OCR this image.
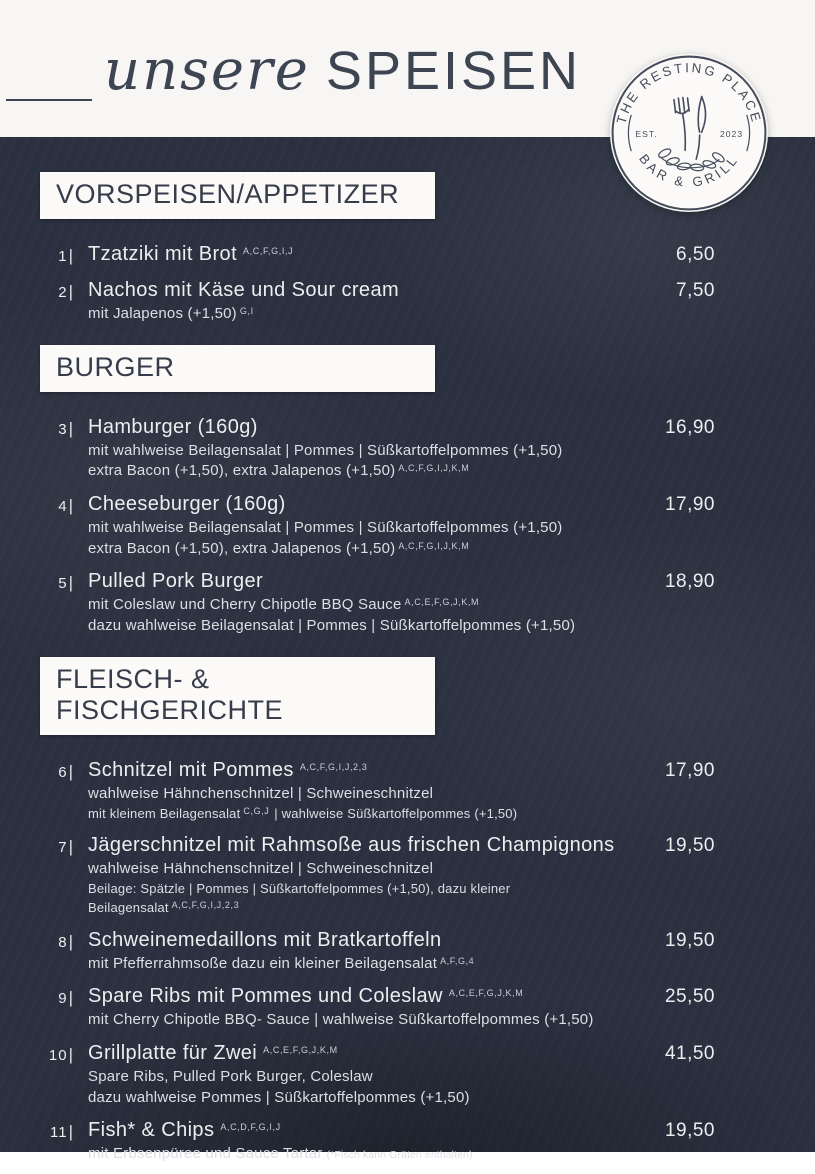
unsere SPEISEN
THE RESTING PLACE
BAR & GRILL
EST.	2023
VORSPEISEN/APPETIZER
1| Tzatziki mit Brot $^{A,C,F,G,I,J}$	6,50
2| Nachos mit Käse und Sour cream
mit Jalapenos (+1,50) $^{G,I}$
7,50
BURGER
3| Hamburger (160g)
mit wahlweise Beilagensalat | Pommes | Süßkartoffelpommes (+1,50)
extra Bacon (+1,50), extra Jalapenos (+1,50) $^{A,C,F,G,I,J,K,M}$
16,90
4| Cheeseburger (160g)
mit wahlweise Beilagensalat | Pommes | Süßkartoffelpommes (+1,50)
extra Bacon (+1,50), extra Jalapenos (+1,50) $^{A,C,F,G,I,J,K,M}$
17,90
5| Pulled Pork Burger
mit Coleslaw und Cherry Chipotle BBQ Sauce $^{A,C,E,F,G,J,K,M}$
dazu wahlweise Beilagensalat | Pommes | Süßkartoffelpommes (+1,50)
18,90
FLEISCH- & FISCHGERICHTE
6| Schnitzel mit Pommes $^{A,C,F,G,I,J,2,3}$
wahlweise Hähnchenschnitzel | Schweineschnitzel
mit kleinem Beilagensalat $^{C,G,J}$ | wahlweise Süßkartoffelpommes (+1,50)
17,90
7| Jägerschnitzel mit Rahmsoße aus frischen Champignons
wahlweise Hähnchenschnitzel | Schweineschnitzel
Beilage: Spätzle | Pommes | Süßkartoffelpommes (+1,50), dazu kleiner Beilagensalat $^{A,C,F,G,I,J,2,3}$
19,50
8| Schweinemedaillons mit Bratkartoffeln
mit Pfefferrahmsoße dazu ein kleiner Beilagensalat $^{A,F,G,4}$
19,50
9| Spare Ribs mit Pommes und Coleslaw $^{A,C,E,F,G,J,K,M}$
mit Cherry Chipotle BBQ- Sauce | wahlweise Süßkartoffelpommes (+1,50)
25,50
10| Grillplatte für Zwei $^{A,C,E,F,G,J,K,M}$
Spare Ribs, Pulled Pork Burger, Coleslaw
dazu wahlweise Pommes | Süßkartoffelpommes (+1,50)
41,50
11| Fish* & Chips $^{A,C,D,F,G,I,J}$
mit Erbsenpüree und Sauce Tartar (*Fisch kann Gräten enthalten)
19,50
